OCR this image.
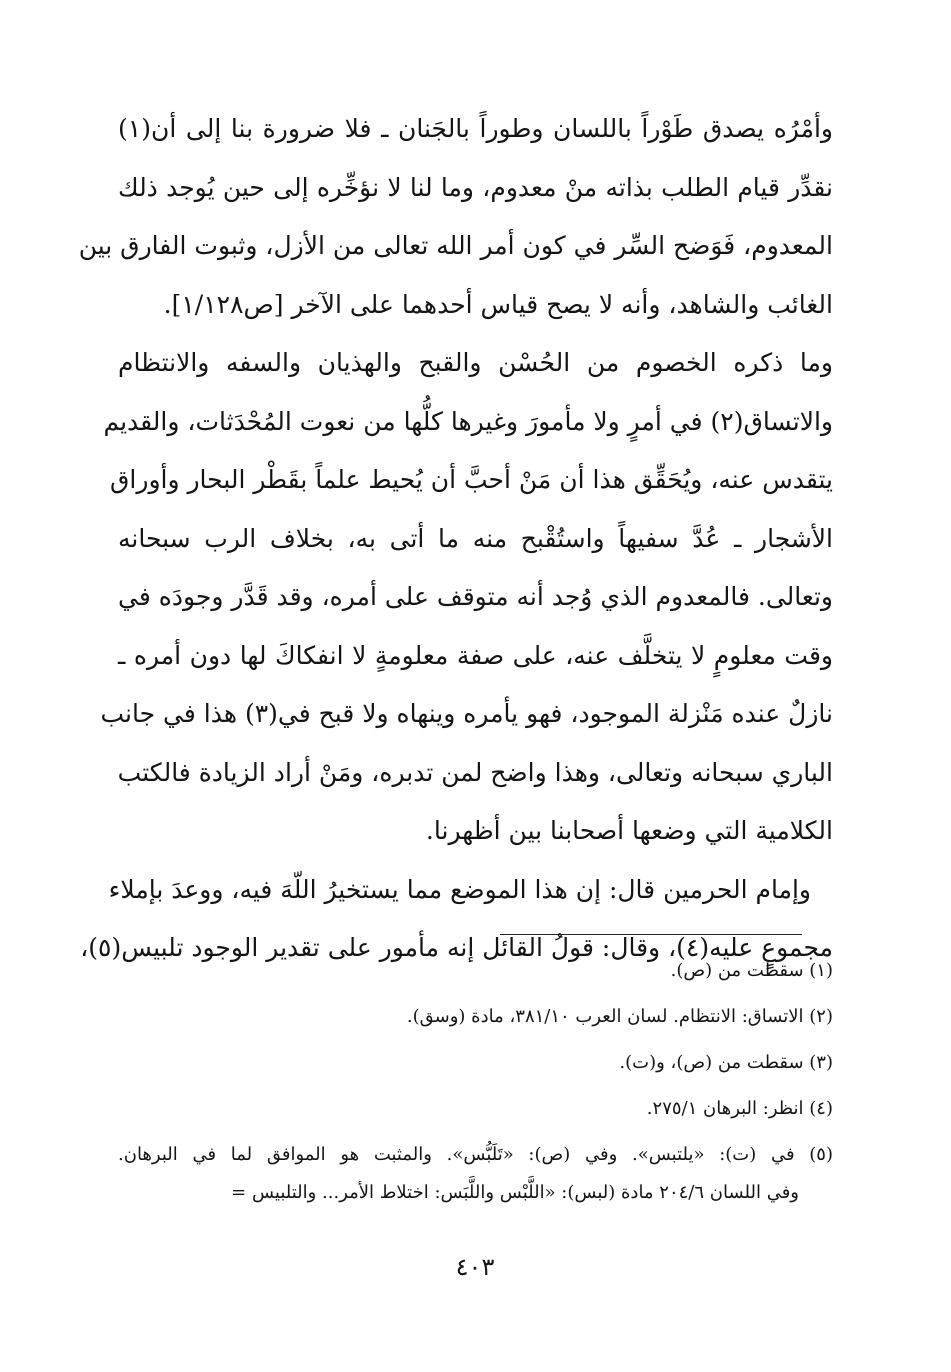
وأمْرُه يصدق طَوْراً باللسان وطوراً بالجَنان ـ فلا ضرورة بنا إلى أن(١)
نقدِّر قيام الطلب بذاته منْ معدوم، وما لنا لا نؤخِّره إلى حين يُوجد ذلك
المعدوم، فَوَضح السِّر في كون أمر الله تعالى من الأزل، وثبوت الفارق بين
الغائب والشاهد، وأنه لا يصح قياس أحدهما على الآخر [ص١/١٢٨].
وما ذكره الخصوم من الحُسْن والقبح والهذيان والسفه والانتظام
والاتساق(٢) في أمرٍ ولا مأمورَ وغيرها كلُّها من نعوت المُحْدَثات، والقديم
يتقدس عنه، ويُحَقِّق هذا أن مَنْ أحبَّ أن يُحيط علماً بقَطْر البحار وأوراق
الأشجار ـ عُدَّ سفيهاً واستُقْبح منه ما أتى به، بخلاف الرب سبحانه
وتعالى. فالمعدوم الذي وُجد أنه متوقف على أمره، وقد قَدَّر وجودَه في
وقت معلومٍ لا يتخلَّف عنه، على صفة معلومةٍ لا انفكاكَ لها دون أمره ـ
نازلٌ عنده مَنْزلة الموجود، فهو يأمره وينهاه ولا قبح في(٣) هذا في جانب
الباري سبحانه وتعالى، وهذا واضح لمن تدبره، ومَنْ أراد الزيادة فالكتب
الكلامية التي وضعها أصحابنا بين أظهرنا.
وإمام الحرمين قال: إن هذا الموضع مما يستخيرُ اللّهَ فيه، ووعدَ بإملاء
مجموعٍ عليه(٤)، وقال: قولُ القائل إنه مأمور على تقدير الوجود تلبيس(٥)،
(١) سقطت من (ص).
(٢) الاتساق: الانتظام. لسان العرب ٣٨١/١٠، مادة (وسق).
(٣) سقطت من (ص)، و(ت).
(٤) انظر: البرهان ٢٧٥/١.
(٥) في (ت): «يلتبس». وفي (ص): «تَلَبُّس». والمثبت هو الموافق لما في البرهان.
وفي اللسان ٢٠٤/٦ مادة (لبس): «اللَّبْس واللَّبَس: اختلاط الأمر... والتلبيس =
٤٠٣
